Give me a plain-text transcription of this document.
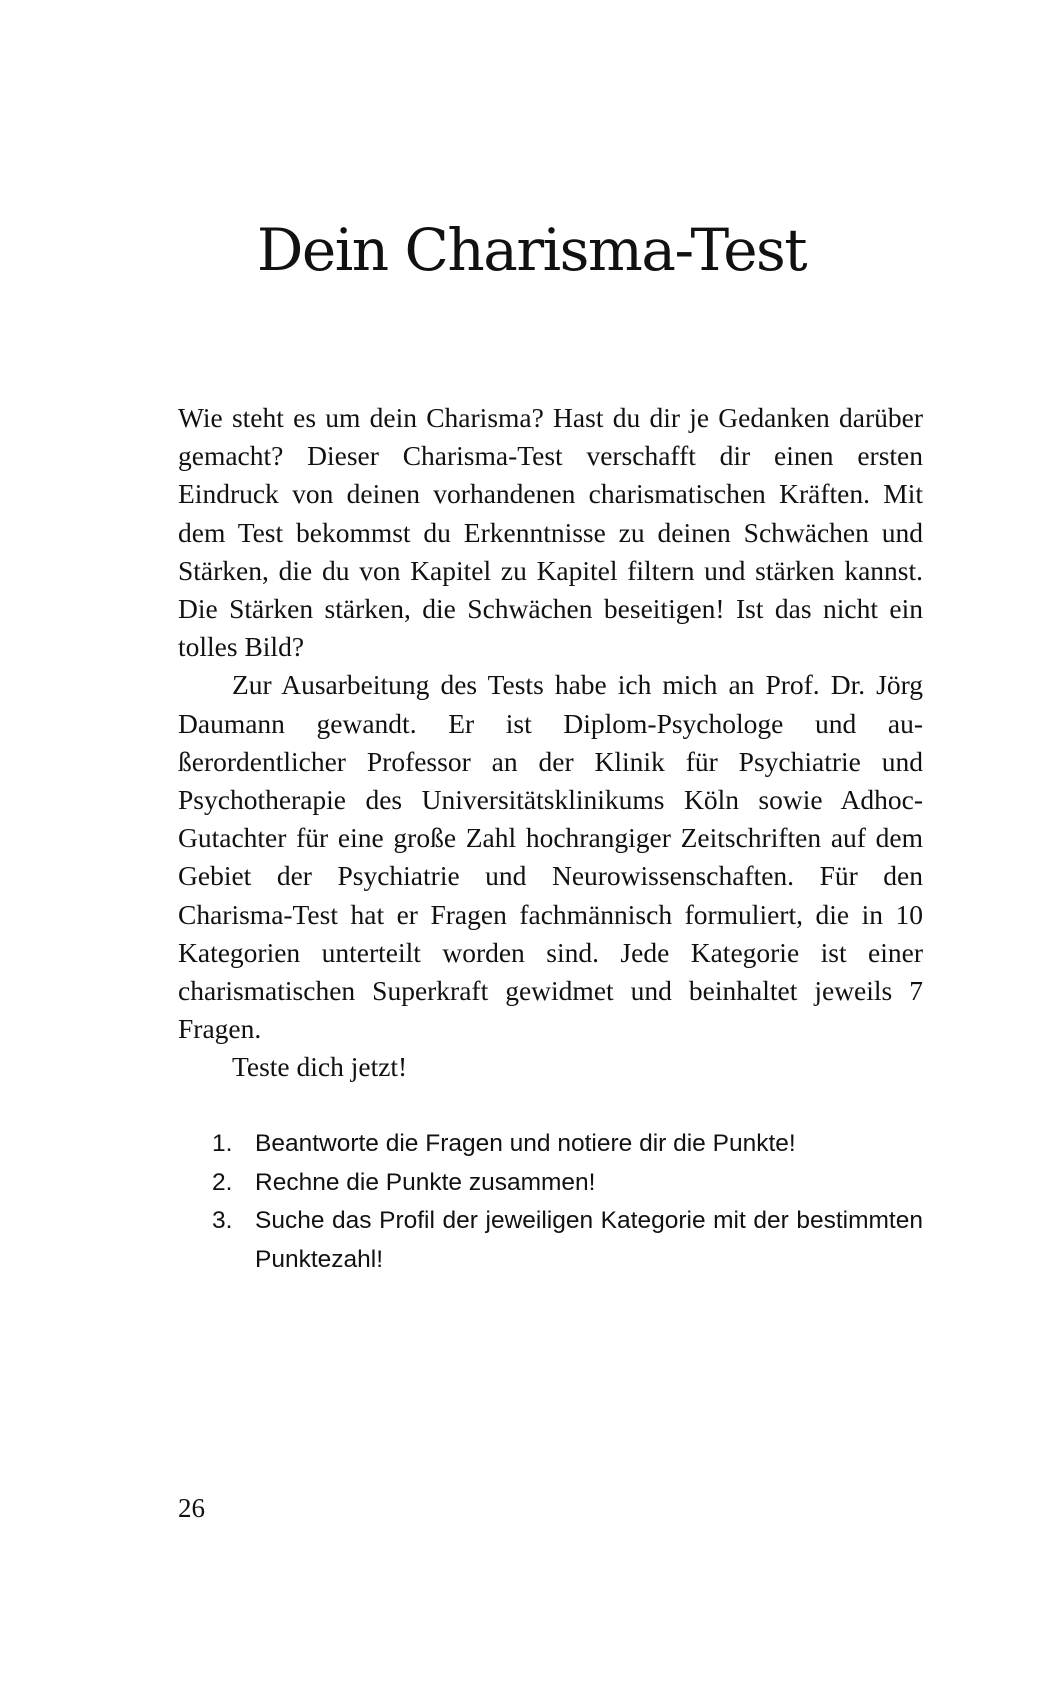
Dein Charisma-Test

Wie steht es um dein Charisma? Hast du dir je Gedanken darüber gemacht? Dieser Charisma-Test verschafft dir einen ersten Eindruck von deinen vorhandenen charismatischen Kräften. Mit dem Test bekommst du Erkenntnisse zu deinen Schwächen und Stärken, die du von Kapitel zu Kapitel filtern und stärken kannst. Die Stärken stärken, die Schwächen beseitigen! Ist das nicht ein tolles Bild?

Zur Ausarbeitung des Tests habe ich mich an Prof. Dr. Jörg Daumann gewandt. Er ist Diplom-Psychologe und außerordentlicher Professor an der Klinik für Psychiatrie und Psychotherapie des Universitätsklinikums Köln sowie Adhoc-Gutachter für eine große Zahl hochrangiger Zeitschriften auf dem Gebiet der Psychiatrie und Neurowissenschaften. Für den Charisma-Test hat er Fragen fachmännisch formuliert, die in 10 Kategorien unterteilt worden sind. Jede Kategorie ist einer charismatischen Superkraft gewidmet und beinhaltet jeweils 7 Fragen.

Teste dich jetzt!

1. Beantworte die Fragen und notiere dir die Punkte!
2. Rechne die Punkte zusammen!
3. Suche das Profil der jeweiligen Kategorie mit der bestimmten Punktezahl!
26
